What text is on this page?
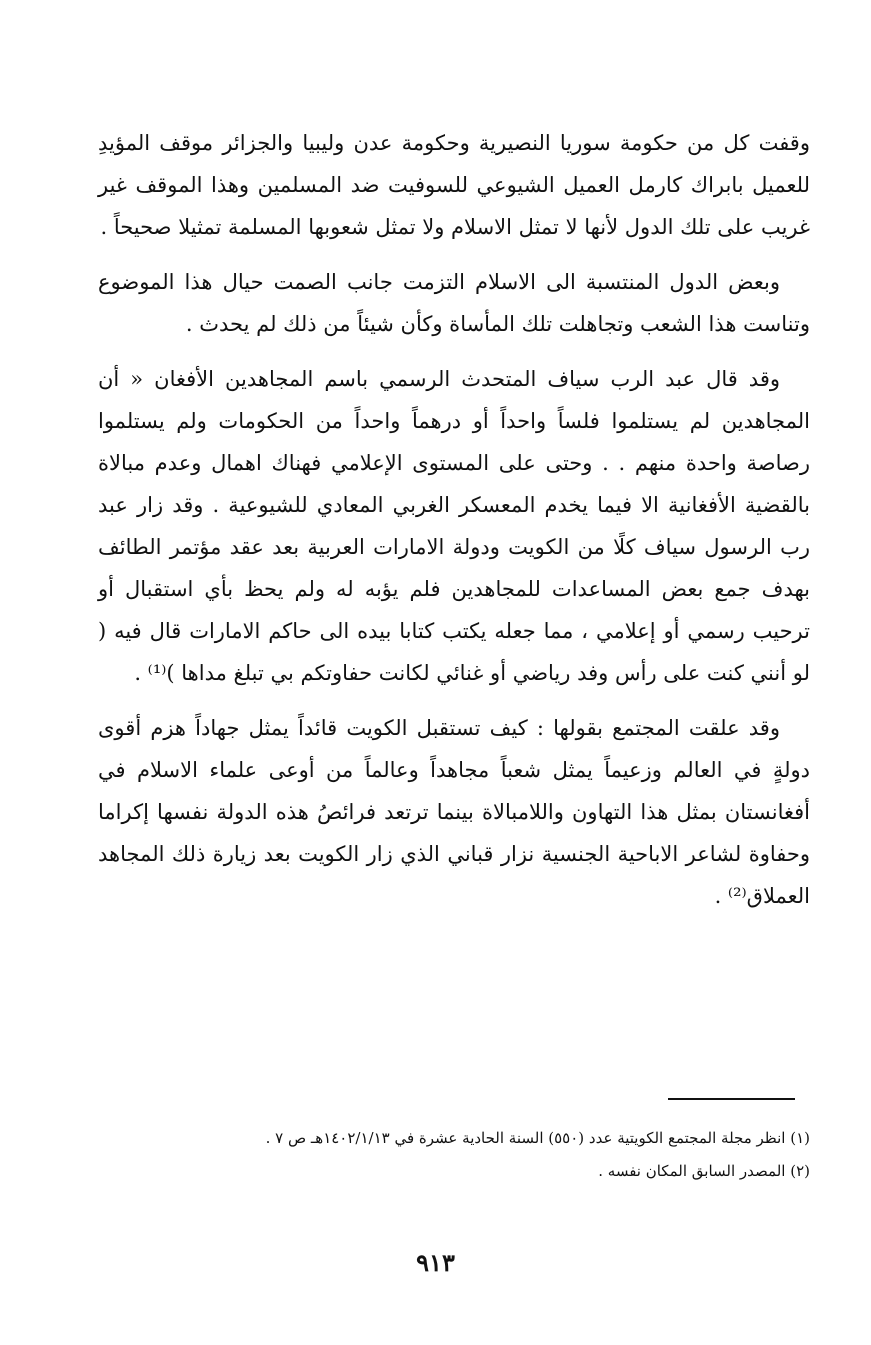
وقفت كل من حكومة سوريا النصيرية وحكومة عدن وليبيا والجزائر موقف المؤيدِ للعميل بابراك كارمل العميل الشيوعي للسوفيت ضد المسلمين وهذا الموقف غير غريب على تلك الدول لأنها لا تمثل الاسلام ولا تمثل شعوبها المسلمة تمثيلا صحيحاً .

وبعض الدول المنتسبة الى الاسلام التزمت جانب الصمت حيال هذا الموضوع وتناست هذا الشعب وتجاهلت تلك المأساة وكأن شيئاً من ذلك لم يحدث .

وقد قال عبد الرب سياف المتحدث الرسمي باسم المجاهدين الأفغان « أن المجاهدين لم يستلموا فلساً واحداً أو درهماً واحداً من الحكومات ولم يستلموا رصاصة واحدة منهم . . وحتى على المستوى الإعلامي فهناك اهمال وعدم مبالاة بالقضية الأفغانية الا فيما يخدم المعسكر الغربي المعادي للشيوعية . وقد زار عبد رب الرسول سياف كلًا من الكويت ودولة الامارات العربية بعد عقد مؤتمر الطائف بهدف جمع بعض المساعدات للمجاهدين فلم يؤبه له ولم يحظ بأي استقبال أو ترحيب رسمي أو إعلامي ، مما جعله يكتب كتابا بيده الى حاكم الامارات قال فيه ( لو أنني كنت على رأس وفد رياضي أو غنائي لكانت حفاوتكم بي تبلغ مداها )⁽¹⁾ .

وقد علقت المجتمع بقولها : كيف تستقبل الكويت قائداً يمثل جهاداً هزم أقوى دولةٍ في العالم وزعيماً يمثل شعباً مجاهداً وعالماً من أوعى علماء الاسلام في أفغانستان بمثل هذا التهاون واللامبالاة بينما ترتعد فرائصُ هذه الدولة نفسها إكراما وحفاوة لشاعر الاباحية الجنسية نزار قباني الذي زار الكويت بعد زيارة ذلك المجاهد العملاق⁽²⁾ .

(١) انظر مجلة المجتمع الكويتية عدد (٥٥٠) السنة الحادية عشرة في ١٤٠٢/١/١٣هـ ص ٧ .

(٢) المصدر السابق المكان نفسه .

٩١٣
